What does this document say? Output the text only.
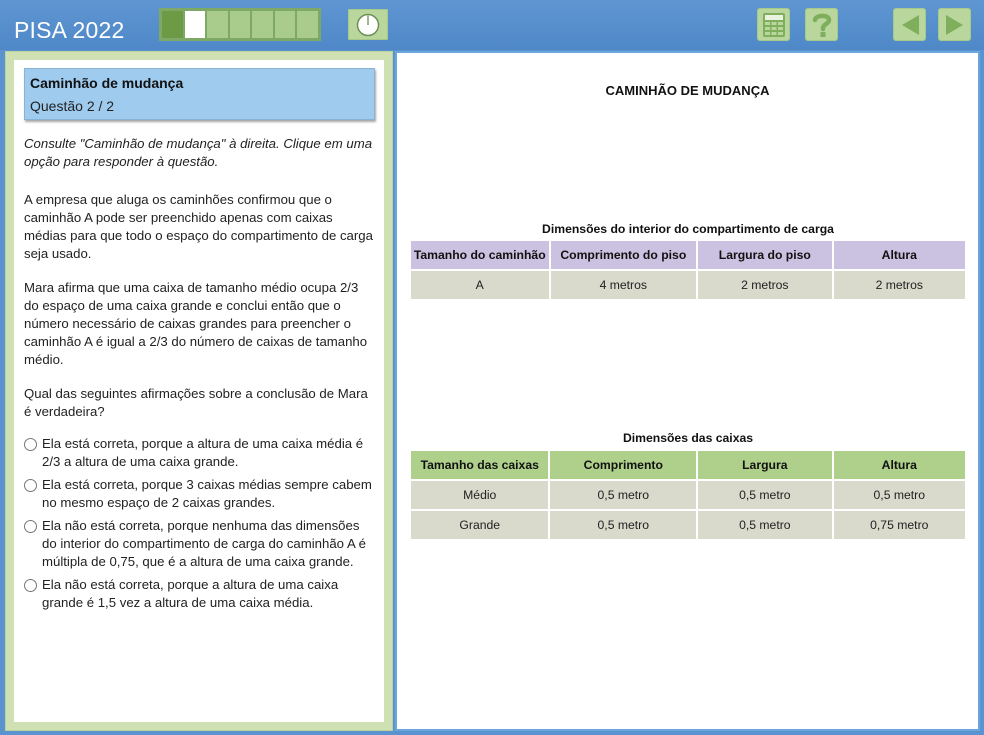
PISA 2022
Caminhão de mudança
Questão 2 / 2
Consulte "Caminhão de mudança" à direita. Clique em uma opção para responder à questão.
A empresa que aluga os caminhões confirmou que o caminhão A pode ser preenchido apenas com caixas médias para que todo o espaço do compartimento de carga seja usado.
Mara afirma que uma caixa de tamanho médio ocupa 2/3 do espaço de uma caixa grande e conclui então que o número necessário de caixas grandes para preencher o caminhão A é igual a 2/3 do número de caixas de tamanho médio.
Qual das seguintes afirmações sobre a conclusão de Mara é verdadeira?
Ela está correta, porque a altura de uma caixa média é 2/3 a altura de uma caixa grande.
Ela está correta, porque 3 caixas médias sempre cabem no mesmo espaço de 2 caixas grandes.
Ela não está correta, porque nenhuma das dimensões do interior do compartimento de carga do caminhão A é múltipla de 0,75, que é a altura de uma caixa grande.
Ela não está correta, porque a altura de uma caixa grande é 1,5 vez a altura de uma caixa média.
CAMINHÃO DE MUDANÇA
Dimensões do interior do compartimento de carga
Tamanho do caminhão	Comprimento do piso	Largura do piso	Altura
A	4 metros	2 metros	2 metros
Dimensões das caixas
Tamanho das caixas	Comprimento	Largura	Altura
Médio	0,5 metro	0,5 metro	0,5 metro
Grande	0,5 metro	0,5 metro	0,75 metro
